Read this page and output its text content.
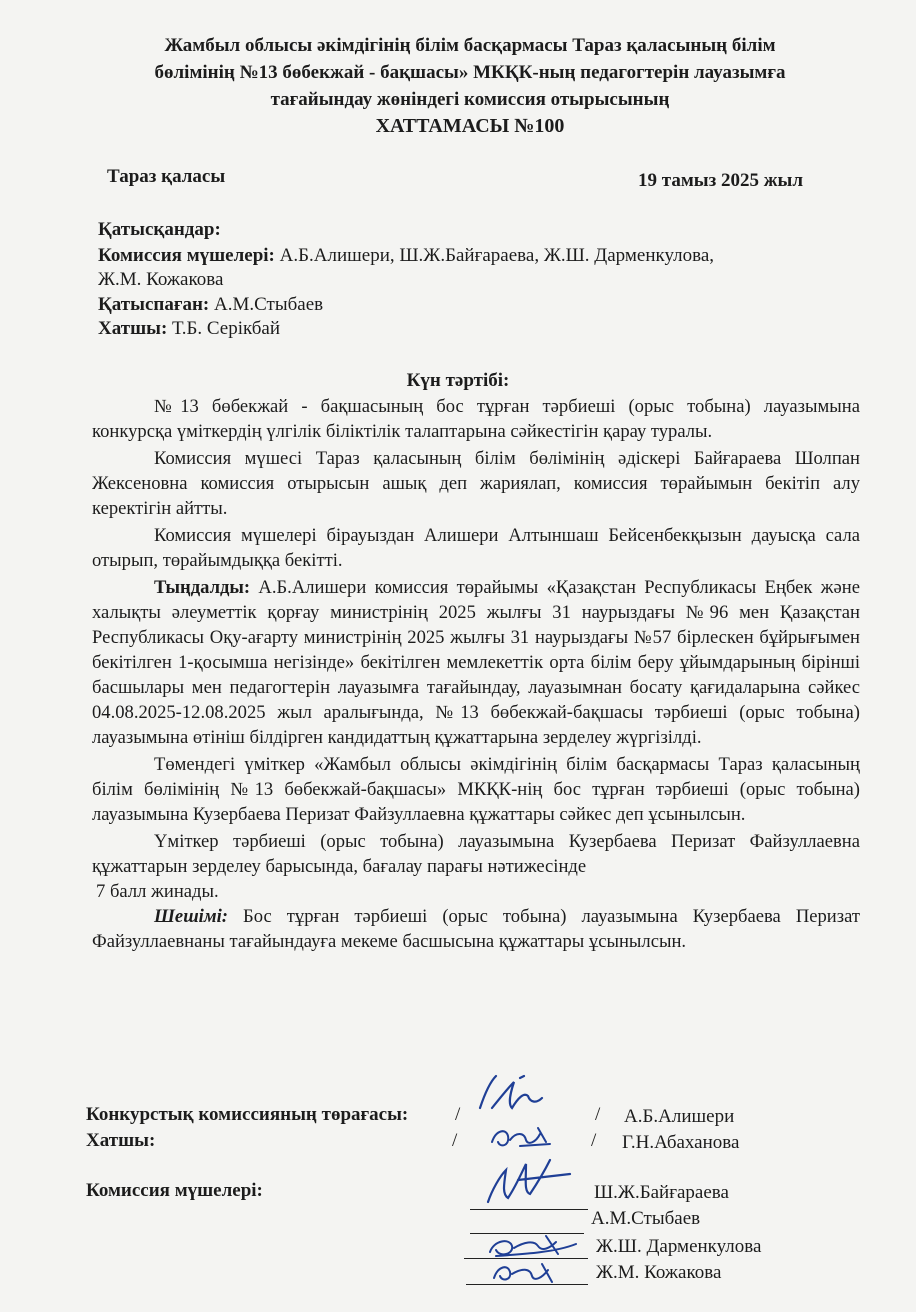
Жамбыл облысы әкімдігінің білім басқармасы Тараз қаласының білім
бөлімінің №13 бөбекжай - бақшасы» МКҚК-ның педагогтерін лауазымға
тағайындау жөніндегі комиссия отырысының
ХАТТАМАСЫ №100
Тараз қаласы	19 тамыз 2025 жыл
Қатысқандар:
Комиссия мүшелері: А.Б.Алишери, Ш.Ж.Байғараева, Ж.Ш. Дарменкулова,
Ж.М. Кожакова
Қатыспаған: А.М.Стыбаев
Хатшы: Т.Б. Серікбай
Күн тәртібі:

№13 бөбекжай - бақшасының бос тұрған тәрбиеші (орыс тобына) лауазымына конкурсқа үміткердің үлгілік біліктілік талаптарына сәйкестігін қарау туралы.

Комиссия мүшесі Тараз қаласының білім бөлімінің әдіскері Байғараева Шолпан Жексеновна комиссия отырысын ашық деп жариялап, комиссия төрайымын бекітіп алу керектігін айтты.

Комиссия мүшелері бірауыздан Алишери Алтыншаш Бейсенбекқызын дауысқа сала отырып, төрайымдыққа бекітті.

Тыңдалды: А.Б.Алишери комиссия төрайымы «Қазақстан Республикасы Еңбек және халықты әлеуметтік қорғау министрінің 2025 жылғы 31 наурыздағы №96 мен Қазақстан Республикасы Оқу-ағарту министрінің 2025 жылғы 31 наурыздағы №57 бірлескен бұйрығымен бекітілген 1-қосымша негізінде» бекітілген мемлекеттік орта білім беру ұйымдарының бірінші басшылары мен педагогтерін лауазымға тағайындау, лауазымнан босату қағидаларына сәйкес 04.08.2025-12.08.2025 жыл аралығында, №13 бөбекжай-бақшасы тәрбиеші (орыс тобына) лауазымына өтініш білдірген кандидаттың құжаттарына зерделеу жүргізілді.

Төмендегі үміткер «Жамбыл облысы әкімдігінің білім басқармасы Тараз қаласының білім бөлімінің №13 бөбекжай-бақшасы» МКҚК-нің бос тұрған тәрбиеші (орыс тобына) лауазымына Кузербаева Перизат Файзуллаевна құжаттары сәйкес деп ұсынылсын.

Үміткер тәрбиеші (орыс тобына) лауазымына Кузербаева Перизат Файзуллаевна құжаттарын зерделеу барысында, бағалау парағы нәтижесінде

7 балл жинады.

Шешімі: Бос тұрған тәрбиеші (орыс тобына) лауазымына Кузербаева Перизат Файзуллаевнаны тағайындауға мекеме басшысына құжаттары ұсынылсын.

Конкурстық комиссияның төрағасы: /	/ А.Б.Алишери
Хатшы:	/	/ Г.Н.Абаханова
Комиссия мүшелері:	Ш.Ж.Байғараева
А.М.Стыбаев
Ж.Ш. Дарменкулова
Ж.М. Кожакова
